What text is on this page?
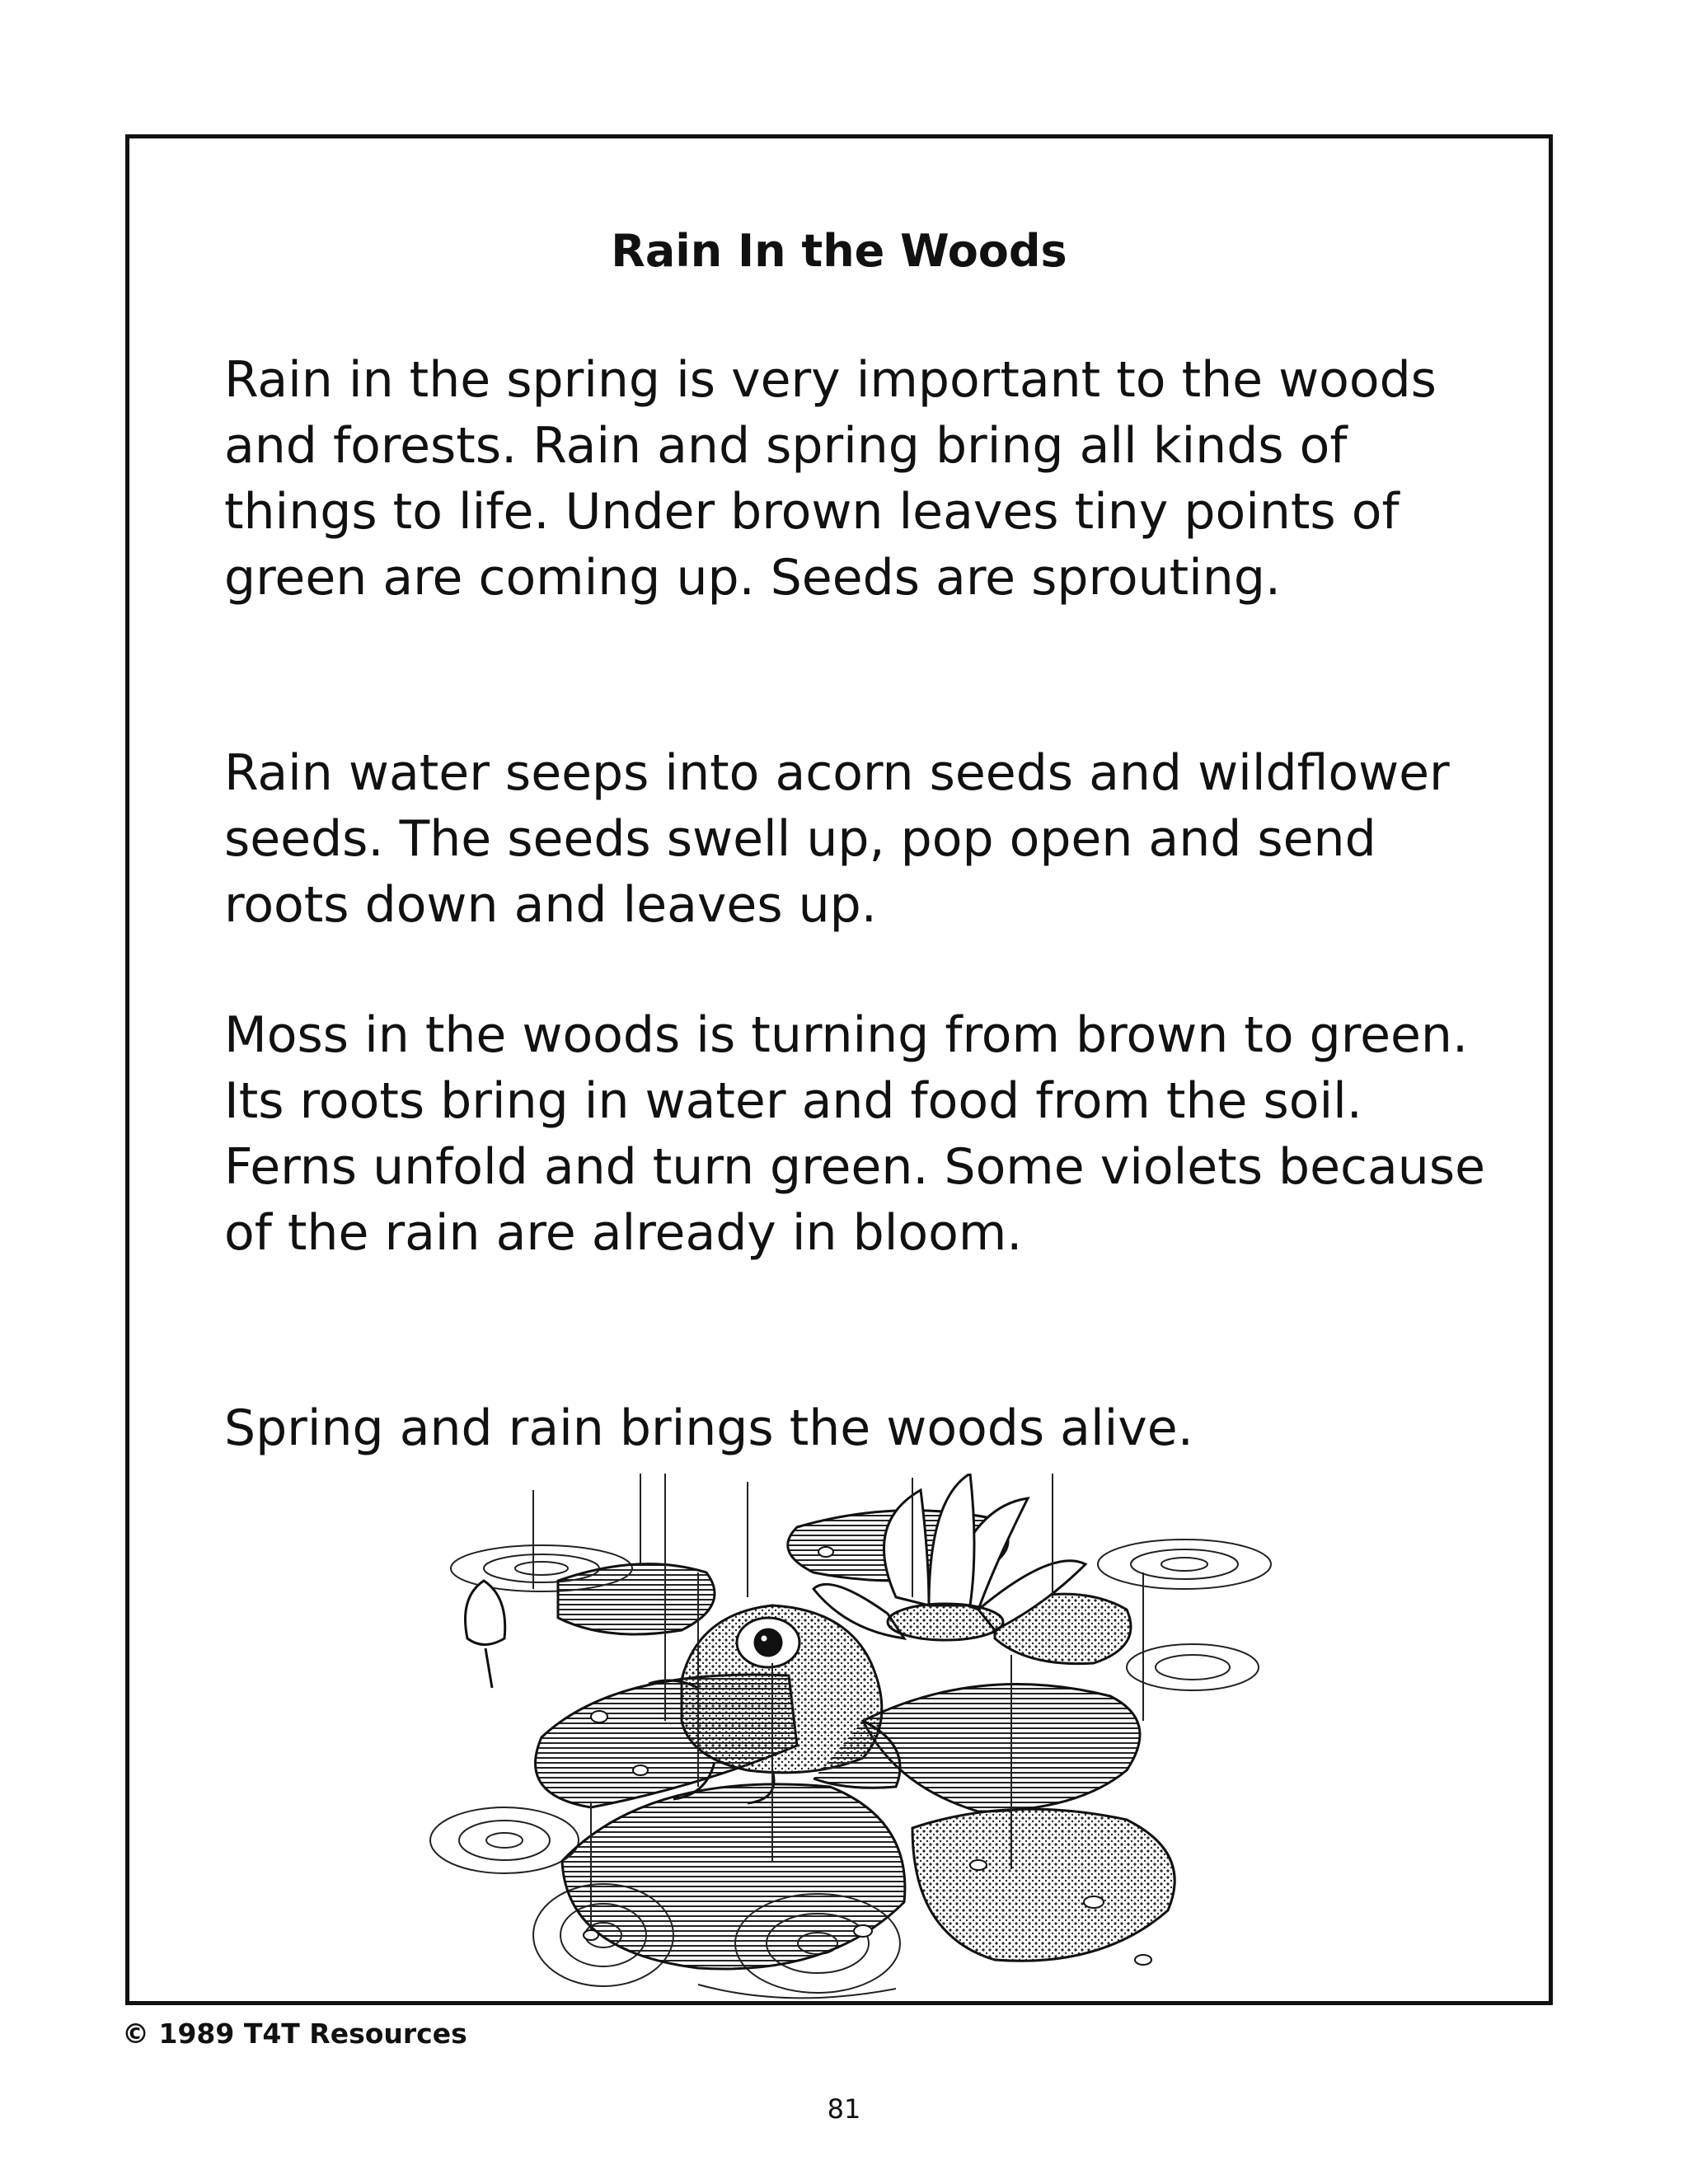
Rain In the Woods

Rain in the spring is very important to the woods and forests. Rain and spring bring all kinds of things to life. Under brown leaves tiny points of green are coming up. Seeds are sprouting.

Rain water seeps into acorn seeds and wildflower seeds. The seeds swell up, pop open and send roots down and leaves up.

Moss in the woods is turning from brown to green. Its roots bring in water and food from the soil. Ferns unfold and turn green. Some violets because of the rain are already in bloom.

Spring and rain brings the woods alive.

© 1989 T4T Resources

81
